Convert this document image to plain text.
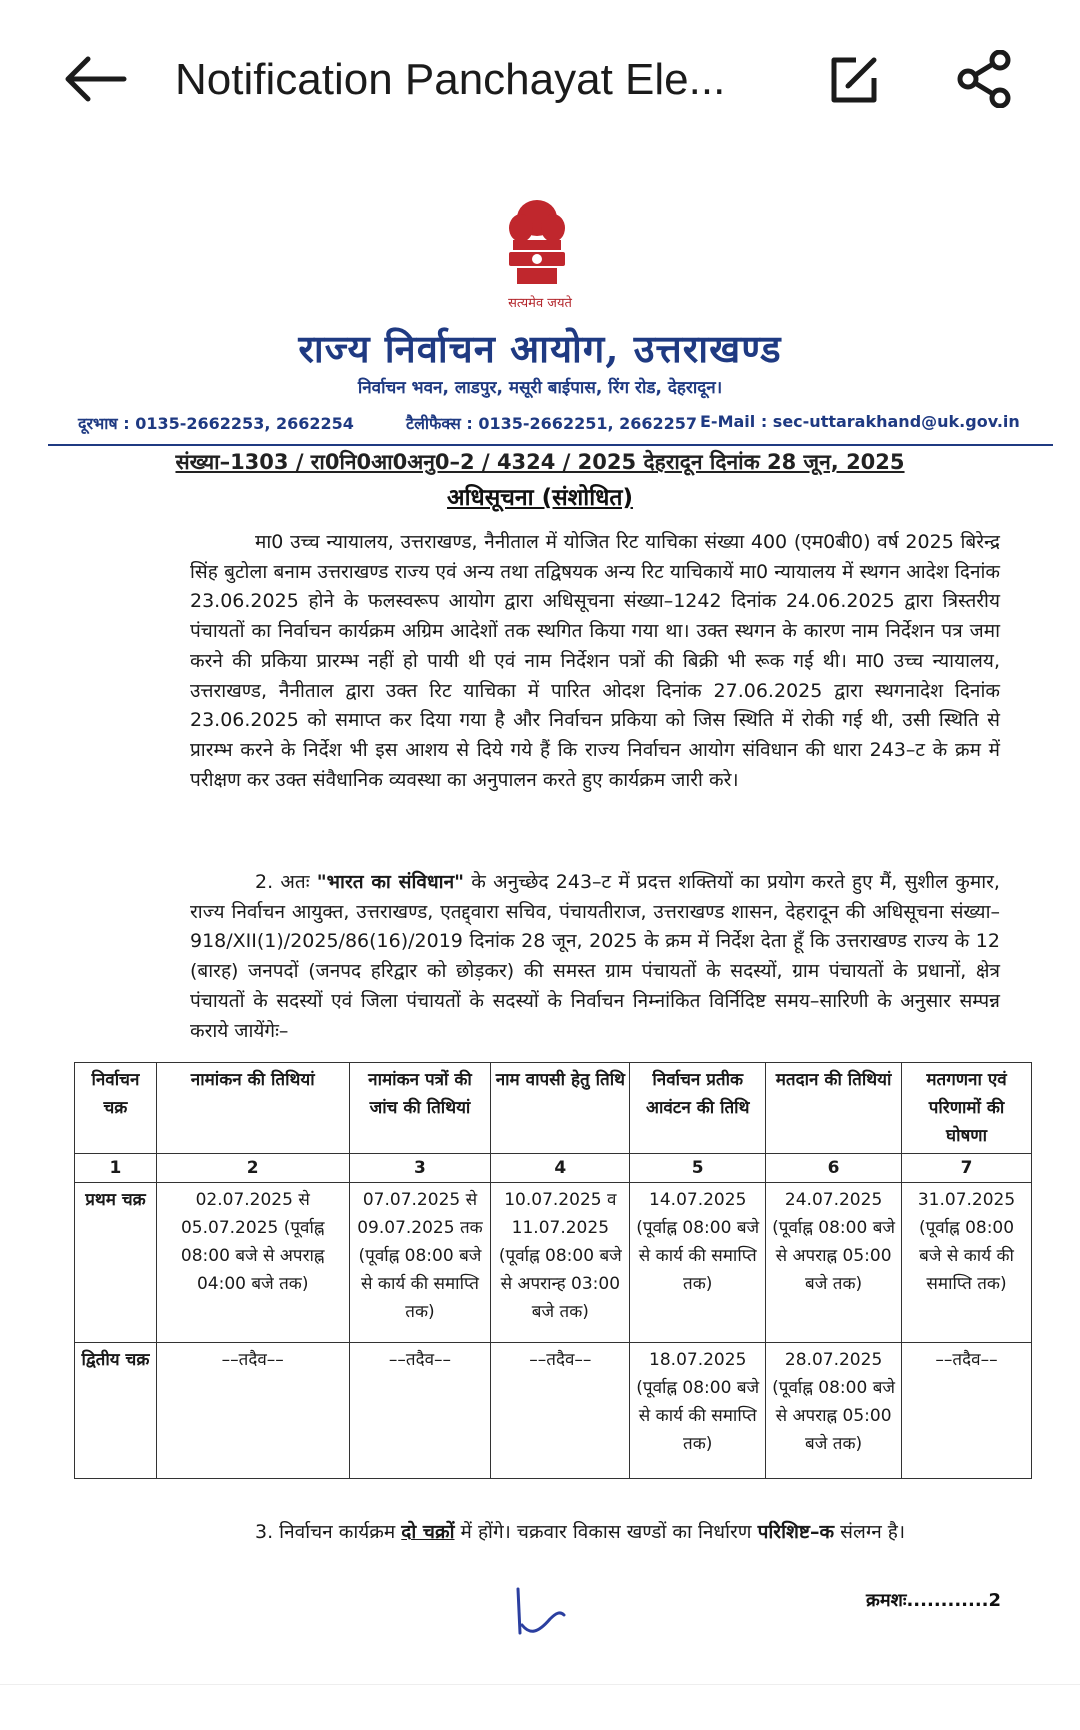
Notification Panchayat Ele...
सत्यमेव जयते
राज्य निर्वाचन आयोग, उत्तराखण्ड
निर्वाचन भवन, लाडपुर, मसूरी बाईपास, रिंग रोड, देहरादून।
दूरभाष : 0135-2662253, 2662254	टैलीफैक्स : 0135-2662251, 2662257 E-Mail : sec-uttarakhand@uk.gov.in
संख्या–1303 / रा0नि0आ0अनु0–2 / 4324 / 2025 देहरादून दिनांक 28 जून, 2025
अधिसूचना (संशोधित)
मा0 उच्च न्यायालय, उत्तराखण्ड, नैनीताल में योजित रिट याचिका संख्या 400 (एम0बी0) वर्ष 2025 बिरेन्द्र सिंह बुटोला बनाम उत्तराखण्ड राज्य एवं अन्य तथा तद्विषयक अन्य रिट याचिकायें मा0 न्यायालय में स्थगन आदेश दिनांक 23.06.2025 होने के फलस्वरूप आयोग द्वारा अधिसूचना संख्या–1242 दिनांक 24.06.2025 द्वारा त्रिस्तरीय पंचायतों का निर्वाचन कार्यक्रम अग्रिम आदेशों तक स्थगित किया गया था। उक्त स्थगन के कारण नाम निर्देशन पत्र जमा करने की प्रकिया प्रारम्भ नहीं हो पायी थी एवं नाम निर्देशन पत्रों की बिक्री भी रूक गई थी। मा0 उच्च न्यायालय, उत्तराखण्ड, नैनीताल द्वारा उक्त रिट याचिका में पारित ओदश दिनांक 27.06.2025 द्वारा स्थगनादेश दिनांक 23.06.2025 को समाप्त कर दिया गया है और निर्वाचन प्रकिया को जिस स्थिति में रोकी गई थी, उसी स्थिति से प्रारम्भ करने के निर्देश भी इस आशय से दिये गये हैं कि राज्य निर्वाचन आयोग संविधान की धारा 243–ट के क्रम में परीक्षण कर उक्त संवैधानिक व्यवस्था का अनुपालन करते हुए कार्यक्रम जारी करे।
2. अतः "भारत का संविधान" के अनुच्छेद 243–ट में प्रदत्त शक्तियों का प्रयोग करते हुए मैं, सुशील कुमार, राज्य निर्वाचन आयुक्त, उत्तराखण्ड, एतद्द्वारा सचिव, पंचायतीराज, उत्तराखण्ड शासन, देहरादून की अधिसूचना संख्या–918/XII(1)/2025/86(16)/2019 दिनांक 28 जून, 2025 के क्रम में निर्देश देता हूँ कि उत्तराखण्ड राज्य के 12 (बारह) जनपदों (जनपद हरिद्वार को छोड़कर) की समस्त ग्राम पंचायतों के सदस्यों, ग्राम पंचायतों के प्रधानों, क्षेत्र पंचायतों के सदस्यों एवं जिला पंचायतों के सदस्यों के निर्वाचन निम्नांकित विर्निदिष्ट समय–सारिणी के अनुसार सम्पन्न कराये जायेंगेः–
निर्वाचन चक्र	नामांकन की तिथियां	नामांकन पत्रों की जांच की तिथियां	नाम वापसी हेतु तिथि	निर्वाचन प्रतीक आवंटन की तिथि	मतदान की तिथियां	मतगणना एवं परिणामों की घोषणा
1	2	3	4	5	6	7
प्रथम चक्र	02.07.2025 से 05.07.2025 (पूर्वाह्न 08:00 बजे से अपराह्न 04:00 बजे तक)	07.07.2025 से 09.07.2025 तक (पूर्वाह्न 08:00 बजे से कार्य की समाप्ति तक)	10.07.2025 व 11.07.2025 (पूर्वाह्न 08:00 बजे से अपरान्ह 03:00 बजे तक)	14.07.2025 (पूर्वाह्न 08:00 बजे से कार्य की समाप्ति तक)	24.07.2025 (पूर्वाह्न 08:00 बजे से अपराह्न 05:00 बजे तक)	31.07.2025 (पूर्वाह्न 08:00 बजे से कार्य की समाप्ति तक)
द्वितीय चक्र	––तदैव––	––तदैव––	––तदैव––	18.07.2025 (पूर्वाह्न 08:00 बजे से कार्य की समाप्ति तक)	28.07.2025 (पूर्वाह्न 08:00 बजे से अपराह्न 05:00 बजे तक)	––तदैव––
3. निर्वाचन कार्यक्रम दो चक्रों में होंगे। चक्रवार विकास खण्डों का निर्धारण परिशिष्ट–क संलग्न है।
क्रमशः............2
